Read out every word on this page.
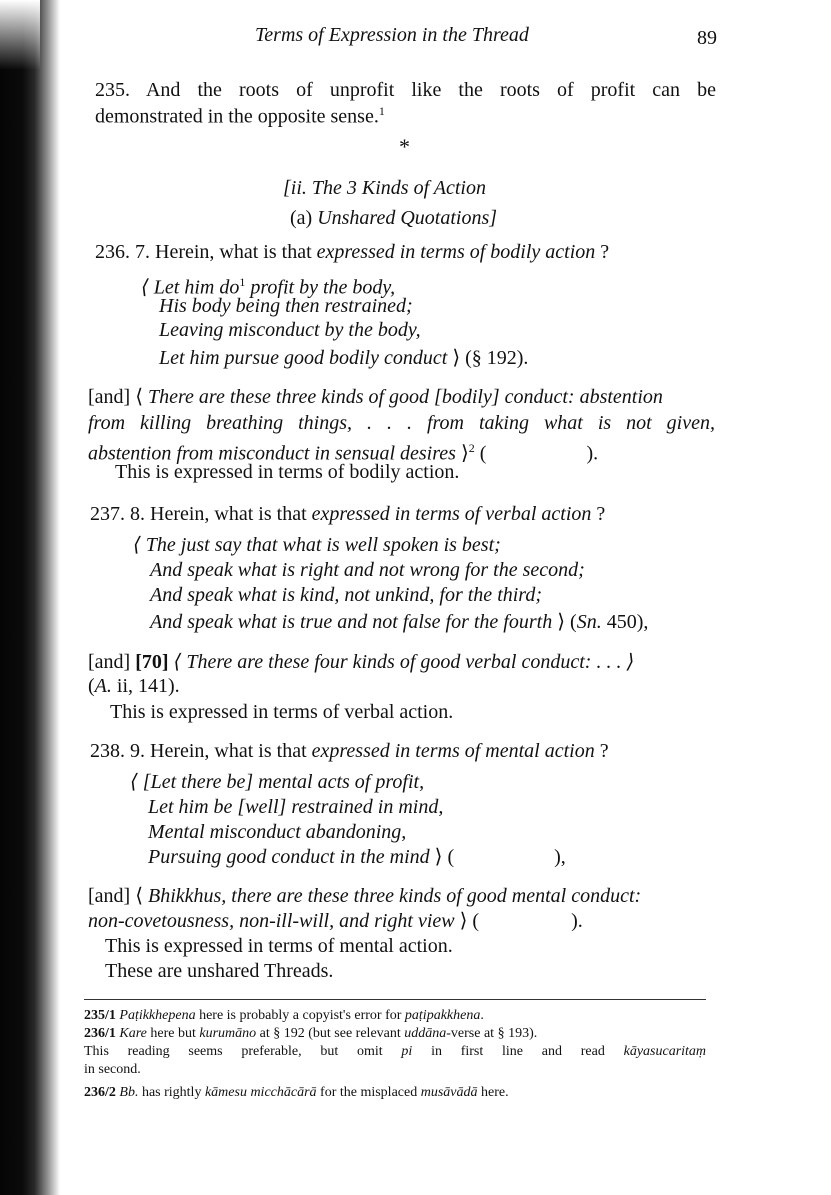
Terms of Expression in the Thread	89
235. And the roots of unprofit like the roots of profit can be
demonstrated in the opposite sense.$^1$
*
[ii. The 3 Kinds of Action
(a) Unshared Quotations]
236. 7. Herein, what is that expressed in terms of bodily action ?
⟨ Let him $do^1$ profit by the body,
His body being then restrained;
Leaving misconduct by the body,
Let him pursue good bodily conduct ⟩ (§ 192).
[and] ⟨ There are these three kinds of good [bodily] conduct: abstention
from killing breathing things, . . . from taking what is not given,
abstention from misconduct in sensual desires ⟩$^2$ (	).
This is expressed in terms of bodily action.
237. 8. Herein, what is that expressed in terms of verbal action ?
⟨ The just say that what is well spoken is best;
And speak what is right and not wrong for the second;
And speak what is kind, not unkind, for the third;
And speak what is true and not false for the fourth ⟩ (Sn. 450),
[and] [70] ⟨ There are these four kinds of good verbal conduct: . . . ⟩
(A. ii, 141).
This is expressed in terms of verbal action.
238. 9. Herein, what is that expressed in terms of mental action ?
⟨ [Let there be] mental acts of profit,
Let him be [well] restrained in mind,
Mental misconduct abandoning,
Pursuing good conduct in the mind ⟩ (	),
[and] ⟨ Bhikkhus, there are these three kinds of good mental conduct:
non-covetousness, non-ill-will, and right view ⟩ (	).
This is expressed in terms of mental action.
These are unshared Threads.
235/1 Paṭikkhepena here is probably a copyist's error for paṭipakkhena.
236/1 Kare here but kurumāno at § 192 (but see relevant uddāna-verse at § 193).
This reading seems preferable, but omit pi in first line and read kāyasucaritaṃ
in second.
236/2 Bb. has rightly kāmesu micchācārā for the misplaced musāvādā here.
